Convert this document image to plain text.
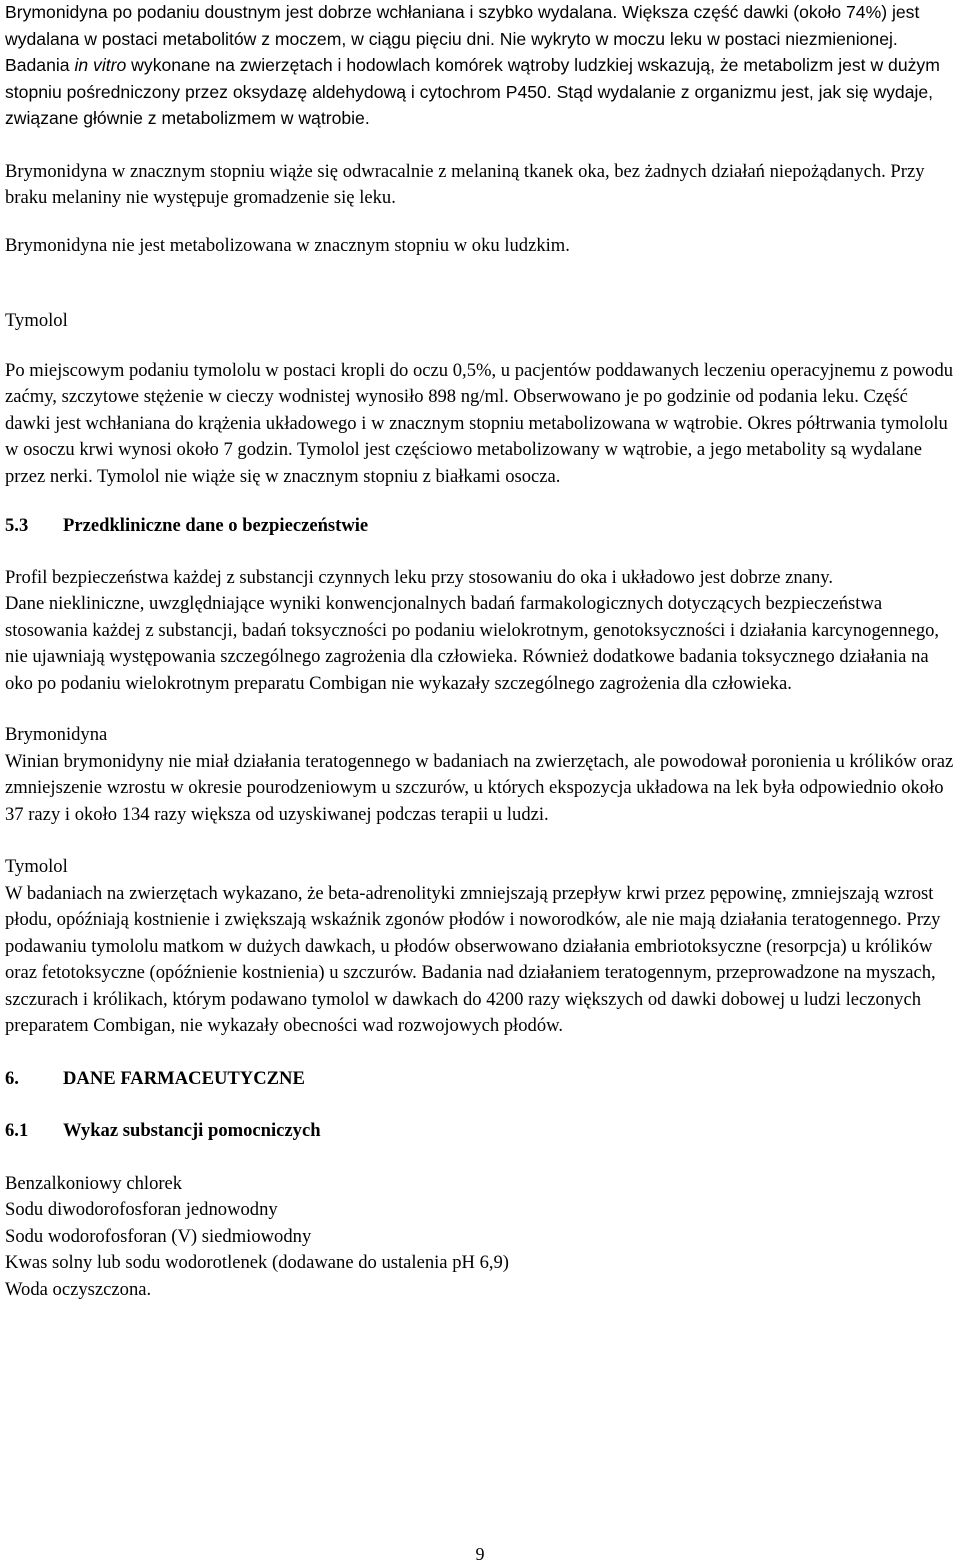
Brymonidyna po podaniu doustnym jest dobrze wchłaniana i szybko wydalana. Większa część dawki (około 74%) jest wydalana w postaci metabolitów z moczem, w ciągu pięciu dni. Nie wykryto w moczu leku w postaci niezmienionej. Badania in vitro wykonane na zwierzętach i hodowlach komórek wątroby ludzkiej wskazują, że metabolizm jest w dużym stopniu pośredniczony przez oksydazę aldehydową i cytochrom P450. Stąd wydalanie z organizmu jest, jak się wydaje, związane głównie z metabolizmem w wątrobie.

Brymonidyna w znacznym stopniu wiąże się odwracalnie z melaniną tkanek oka, bez żadnych działań niepożądanych. Przy braku melaniny nie występuje gromadzenie się leku.

Brymonidyna nie jest metabolizowana w znacznym stopniu w oku ludzkim.

Tymolol

Po miejscowym podaniu tymololu w postaci kropli do oczu 0,5%, u pacjentów poddawanych leczeniu operacyjnemu z powodu zaćmy, szczytowe stężenie w cieczy wodnistej wynosiło 898 ng/ml. Obserwowano je po godzinie od podania leku. Część dawki jest wchłaniana do krążenia układowego i w znacznym stopniu metabolizowana w wątrobie. Okres półtrwania tymololu w osoczu krwi wynosi około 7 godzin. Tymolol jest częściowo metabolizowany w wątrobie, a jego metabolity są wydalane przez nerki. Tymolol nie wiąże się w znacznym stopniu z białkami osocza.

5.3	Przedkliniczne dane o bezpieczeństwie

Profil bezpieczeństwa każdej z substancji czynnych leku przy stosowaniu do oka i układowo jest dobrze znany.

Dane niekliniczne, uwzględniające wyniki konwencjonalnych badań farmakologicznych dotyczących bezpieczeństwa stosowania każdej z substancji, badań toksyczności po podaniu wielokrotnym, genotoksyczności i działania karcynogennego, nie ujawniają występowania szczególnego zagrożenia dla człowieka. Również dodatkowe badania toksycznego działania na oko po podaniu wielokrotnym preparatu Combigan nie wykazały szczególnego zagrożenia dla człowieka.

Brymonidyna

Winian brymonidyny nie miał działania teratogennego w badaniach na zwierzętach, ale powodował poronienia u królików oraz zmniejszenie wzrostu w okresie pourodzeniowym u szczurów, u których ekspozycja układowa na lek była odpowiednio około 37 razy i około 134 razy większa od uzyskiwanej podczas terapii u ludzi.

Tymolol

W badaniach na zwierzętach wykazano, że beta-adrenolityki zmniejszają przepływ krwi przez pępowinę, zmniejszają wzrost płodu, opóźniają kostnienie i zwiększają wskaźnik zgonów płodów i noworodków, ale nie mają działania teratogennego. Przy podawaniu tymololu matkom w dużych dawkach, u płodów obserwowano działania embriotoksyczne (resorpcja) u królików oraz fetotoksyczne (opóźnienie kostnienia) u szczurów. Badania nad działaniem teratogennym, przeprowadzone na myszach, szczurach i królikach, którym podawano tymolol w dawkach do 4200 razy większych od dawki dobowej u ludzi leczonych preparatem Combigan, nie wykazały obecności wad rozwojowych płodów.

6.	DANE FARMACEUTYCZNE
6.1	Wykaz substancji pomocniczych

Benzalkoniowy chlorek

Sodu diwodorofosforan jednowodny

Sodu wodorofosforan (V) siedmiowodny

Kwas solny lub sodu wodorotlenek (dodawane do ustalenia pH 6,9)

Woda oczyszczona.

9
